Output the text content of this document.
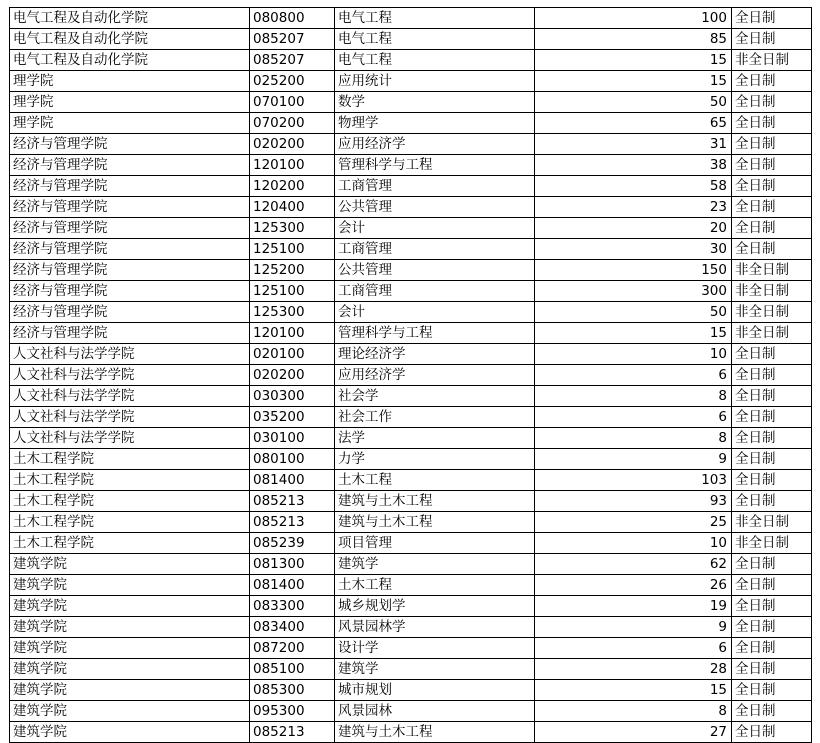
电气工程及自动化学院	080800	电气工程	100	全日制
电气工程及自动化学院	085207	电气工程	85	全日制
电气工程及自动化学院	085207	电气工程	15	非全日制
理学院	025200	应用统计	15	全日制
理学院	070100	数学	50	全日制
理学院	070200	物理学	65	全日制
经济与管理学院	020200	应用经济学	31	全日制
经济与管理学院	120100	管理科学与工程	38	全日制
经济与管理学院	120200	工商管理	58	全日制
经济与管理学院	120400	公共管理	23	全日制
经济与管理学院	125300	会计	20	全日制
经济与管理学院	125100	工商管理	30	全日制
经济与管理学院	125200	公共管理	150	非全日制
经济与管理学院	125100	工商管理	300	非全日制
经济与管理学院	125300	会计	50	非全日制
经济与管理学院	120100	管理科学与工程	15	非全日制
人文社科与法学学院	020100	理论经济学	10	全日制
人文社科与法学学院	020200	应用经济学	6	全日制
人文社科与法学学院	030300	社会学	8	全日制
人文社科与法学学院	035200	社会工作	6	全日制
人文社科与法学学院	030100	法学	8	全日制
土木工程学院	080100	力学	9	全日制
土木工程学院	081400	土木工程	103	全日制
土木工程学院	085213	建筑与土木工程	93	全日制
土木工程学院	085213	建筑与土木工程	25	非全日制
土木工程学院	085239	项目管理	10	非全日制
建筑学院	081300	建筑学	62	全日制
建筑学院	081400	土木工程	26	全日制
建筑学院	083300	城乡规划学	19	全日制
建筑学院	083400	风景园林学	9	全日制
建筑学院	087200	设计学	6	全日制
建筑学院	085100	建筑学	28	全日制
建筑学院	085300	城市规划	15	全日制
建筑学院	095300	风景园林	8	全日制
建筑学院	085213	建筑与土木工程	27	全日制
